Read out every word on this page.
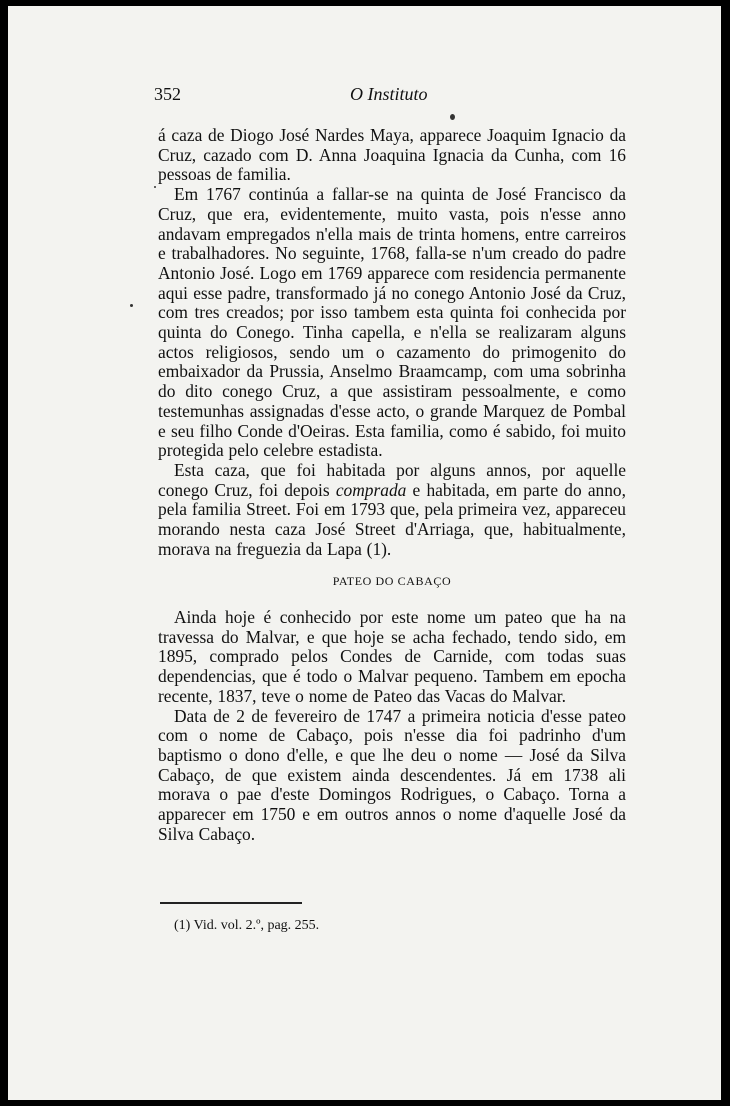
352	O Instituto

á caza de Diogo José Nardes Maya, apparece Joaquim Ignacio da Cruz, cazado com D. Anna Joaquina Ignacia da Cunha, com 16 pessoas de familia.

Em 1767 continúa a fallar-se na quinta de José Francisco da Cruz, que era, evidentemente, muito vasta, pois n'esse anno andavam empregados n'ella mais de trinta homens, entre carreiros e trabalhadores. No seguinte, 1768, falla-se n'um creado do padre Antonio José. Logo em 1769 apparece com residencia permanente aqui esse padre, transformado já no conego Antonio José da Cruz, com tres creados; por isso tambem esta quinta foi conhecida por quinta do Conego. Tinha capella, e n'ella se realizaram alguns actos religiosos, sendo um o cazamento do primogenito do embaixador da Prussia, Anselmo Braamcamp, com uma sobrinha do dito conego Cruz, a que assistiram pessoalmente, e como testemunhas assignadas d'esse acto, o grande Marquez de Pombal e seu filho Conde d'Oeiras. Esta familia, como é sabido, foi muito protegida pelo celebre estadista.

Esta caza, que foi habitada por alguns annos, por aquelle conego Cruz, foi depois comprada e habitada, em parte do anno, pela familia Street. Foi em 1793 que, pela primeira vez, appareceu morando nesta caza José Street d'Arriaga, que, habitualmente, morava na freguezia da Lapa (1).

PATEO DO CABAÇO

Ainda hoje é conhecido por este nome um pateo que ha na travessa do Malvar, e que hoje se acha fechado, tendo sido, em 1895, comprado pelos Condes de Carnide, com todas suas dependencias, que é todo o Malvar pequeno. Tambem em epocha recente, 1837, teve o nome de Pateo das Vacas do Malvar.

Data de 2 de fevereiro de 1747 a primeira noticia d'esse pateo com o nome de Cabaço, pois n'esse dia foi padrinho d'um baptismo o dono d'elle, e que lhe deu o nome — José da Silva Cabaço, de que existem ainda descendentes. Já em 1738 ali morava o pae d'este Domingos Rodrigues, o Cabaço. Torna a apparecer em 1750 e em outros annos o nome d'aquelle José da Silva Cabaço.

(1) Vid. vol. 2.º, pag. 255.
